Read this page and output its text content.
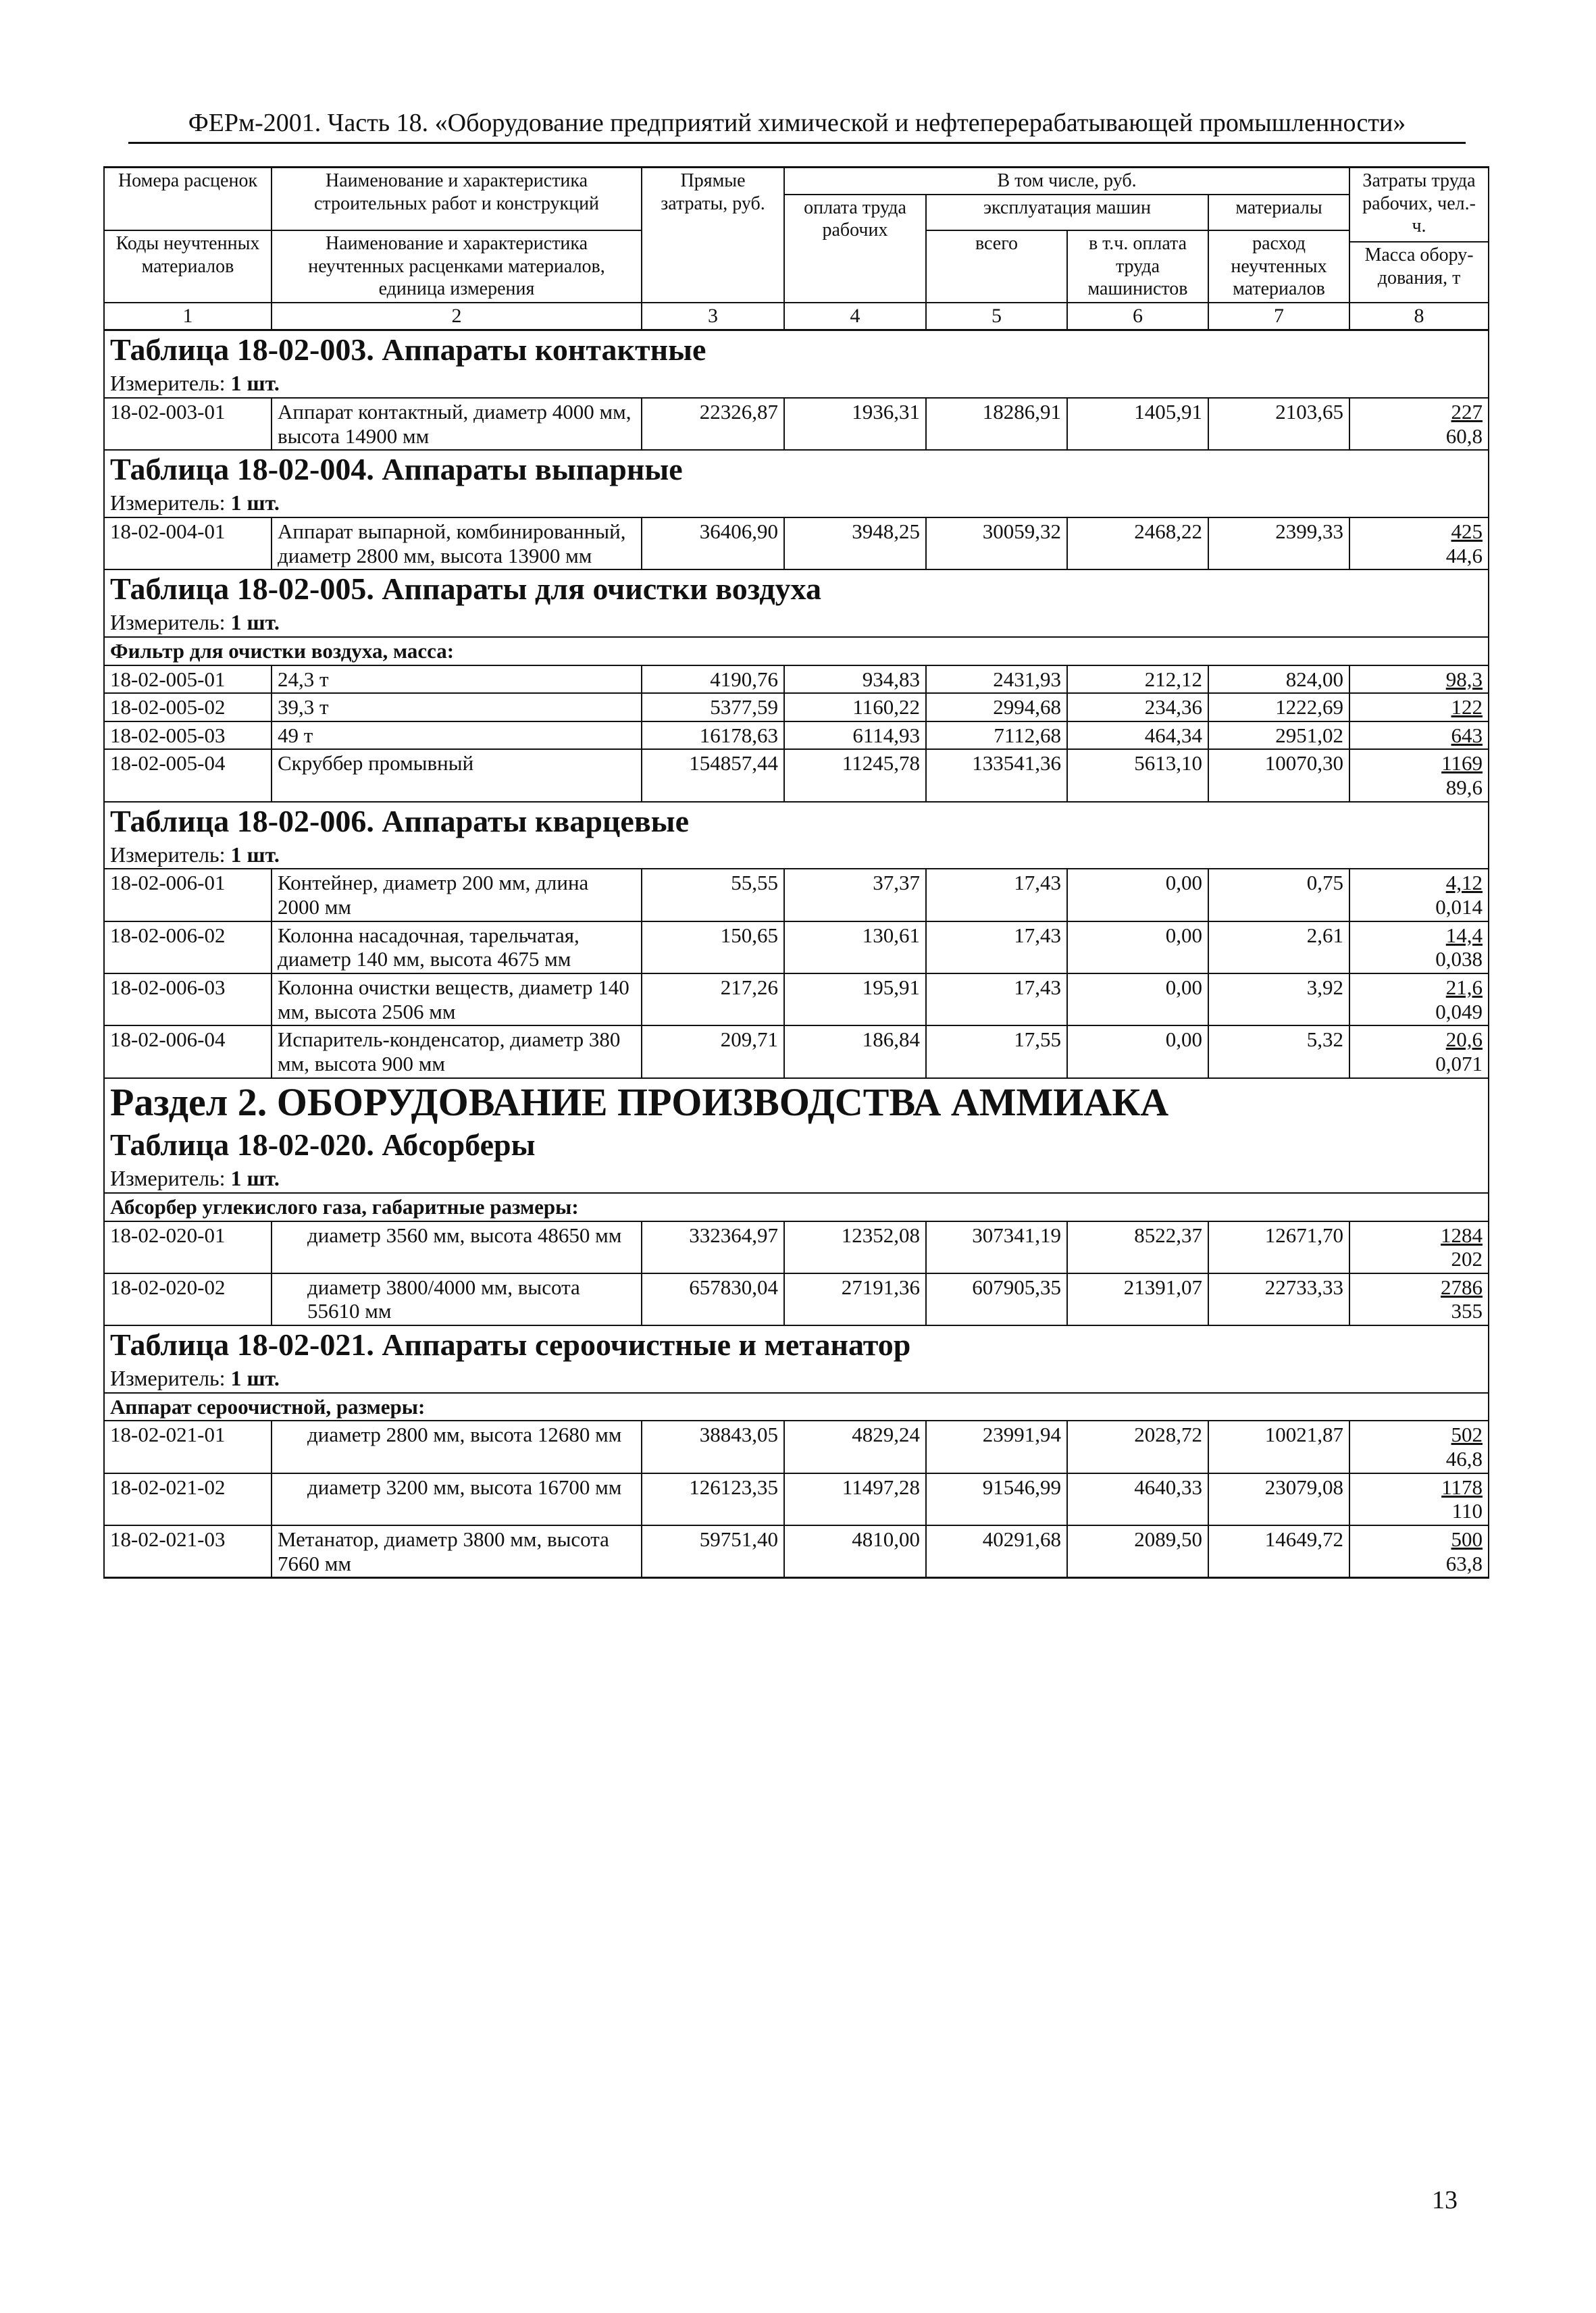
ФЕРм-2001. Часть 18. «Оборудование предприятий химической и нефтеперерабатывающей промышленности»
Номера расценок	Наименование и характеристика строительных работ и конструкций	Прямые затраты, руб.	В том числе, руб.				Затраты труда рабочих, чел.-ч.
			оплата труда рабочих	эксплуатация машин		материалы	
Коды неучтенных материалов	Наименование и характеристика неучтенных расценками материалов, единица измерения			всего	в т.ч. оплата труда машинистов	расход неучтенных материалов	
							Масса обору- дования, т
1	2	3	4	5	6	7	8
Таблица 18-02-003. Аппараты контактные							
Измеритель: 1 шт.							
18-02-003-01	Аппарат контактный, диаметр 4000 мм, высота 14900 мм	22326,87	1936,31	18286,91	1405,91	2103,65	227
60,8

Таблица 18-02-004. Аппараты выпарные							
Измеритель: 1 шт.							
18-02-004-01	Аппарат выпарной, комбинированный, диаметр 2800 мм, высота 13900 мм	36406,90	3948,25	30059,32	2468,22	2399,33	425
44,6

Таблица 18-02-005. Аппараты для очистки воздуха							
Измеритель: 1 шт.							
Фильтр для очистки воздуха, масса:							
18-02-005-01	24,3 т	4190,76	934,83	2431,93	212,12	824,00	98,3

18-02-005-02	39,3 т	5377,59	1160,22	2994,68	234,36	1222,69	122

18-02-005-03	49 т	16178,63	6114,93	7112,68	464,34	2951,02	643

18-02-005-04	Скруббер промывный	154857,44	11245,78	133541,36	5613,10	10070,30	1169
89,6

Таблица 18-02-006. Аппараты кварцевые							
Измеритель: 1 шт.							
18-02-006-01	Контейнер, диаметр 200 мм, длина 2000 мм	55,55	37,37	17,43	0,00	0,75	4,12
0,014

18-02-006-02	Колонна насадочная, тарельчатая, диаметр 140 мм, высота 4675 мм	150,65	130,61	17,43	0,00	2,61	14,4
0,038

18-02-006-03	Колонна очистки веществ, диаметр 140 мм, высота 2506 мм	217,26	195,91	17,43	0,00	3,92	21,6
0,049

18-02-006-04	Испаритель-конденсатор, диаметр 380 мм, высота 900 мм	209,71	186,84	17,55	0,00	5,32	20,6
0,071

Раздел 2. ОБОРУДОВАНИЕ ПРОИЗВОДСТВА АММИАКА							
Таблица 18-02-020. Абсорберы							
Измеритель: 1 шт.							
Абсорбер углекислого газа, габаритные размеры:							
18-02-020-01	диаметр 3560 мм, высота 48650 мм	332364,97	12352,08	307341,19	8522,37	12671,70	1284
202

18-02-020-02	диаметр 3800/4000 мм, высота 55610 мм	657830,04	27191,36	607905,35	21391,07	22733,33	2786
355

Таблица 18-02-021. Аппараты сероочистные и метанатор							
Измеритель: 1 шт.							
Аппарат сероочистной, размеры:							
18-02-021-01	диаметр 2800 мм, высота 12680 мм	38843,05	4829,24	23991,94	2028,72	10021,87	502
46,8

18-02-021-02	диаметр 3200 мм, высота 16700 мм	126123,35	11497,28	91546,99	4640,33	23079,08	1178
110

18-02-021-03	Метанатор, диаметр 3800 мм, высота 7660 мм	59751,40	4810,00	40291,68	2089,50	14649,72	500
63,8
13
